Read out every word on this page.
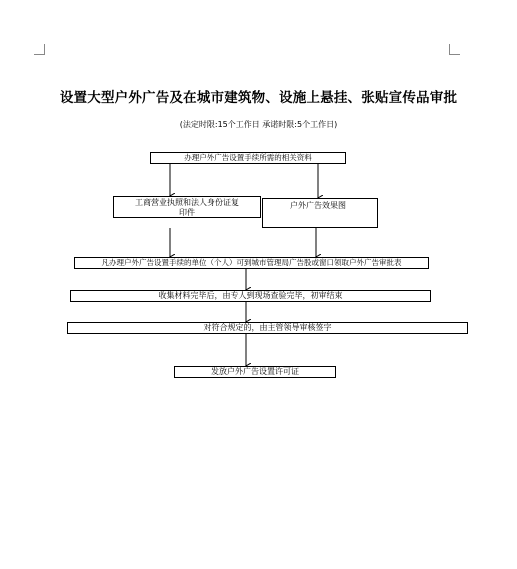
设置大型户外广告及在城市建筑物、设施上悬挂、张贴宣传品审批
(法定时限:15个工作日 承诺时限:5个工作日)
办理户外广告设置手续所需的相关资料
工商营业执照和法人身份证复印件
户外广告效果图
凡办理户外广告设置手续的单位（个人）可到城市管理局广告股或窗口领取户外广告审批表
收集材料完毕后，由专人到现场查验完毕，初审结束
对符合规定的，由主管领导审核签字
发放户外广告设置许可证
